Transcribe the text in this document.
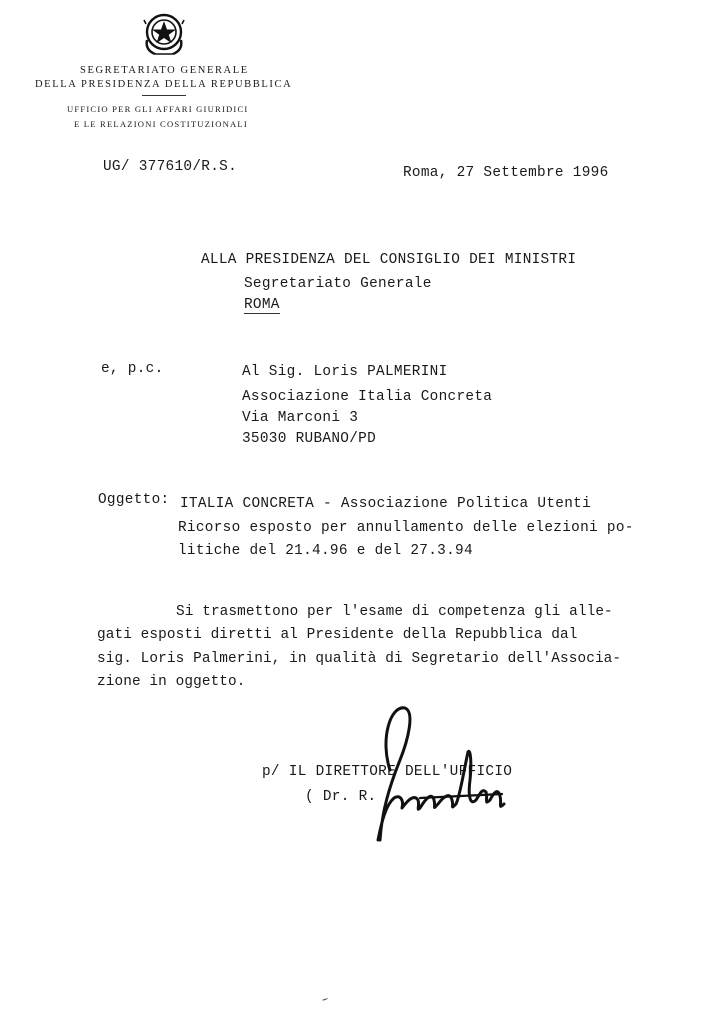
SEGRETARIATO GENERALE
DELLA PRESIDENZA DELLA REPUBBLICA
UFFICIO PER GLI AFFARI GIURIDICI
E LE RELAZIONI COSTITUZIONALI
UG/ 377610/R.S.	Roma, 27 Settembre 1996
ALLA PRESIDENZA DEL CONSIGLIO DEI MINISTRI
Segretariato Generale
ROMA
e, p.c.	Al Sig. Loris PALMERINI
Associazione Italia Concreta
Via Marconi 3
35030 RUBANO/PD
Oggetto: ITALIA CONCRETA - Associazione Politica Utenti
Ricorso esposto per annullamento delle elezioni po-
litiche del 21.4.96 e del 27.3.94
Si trasmettono per l'esame di competenza gli alle-
gati esposti diretti al Presidente della Repubblica dal
sig. Loris Palmerini, in qualità di Segretario dell'Associa-
zione in oggetto.
p/ IL DIRETTORE DELL'UFFICIO
( Dr. R.
